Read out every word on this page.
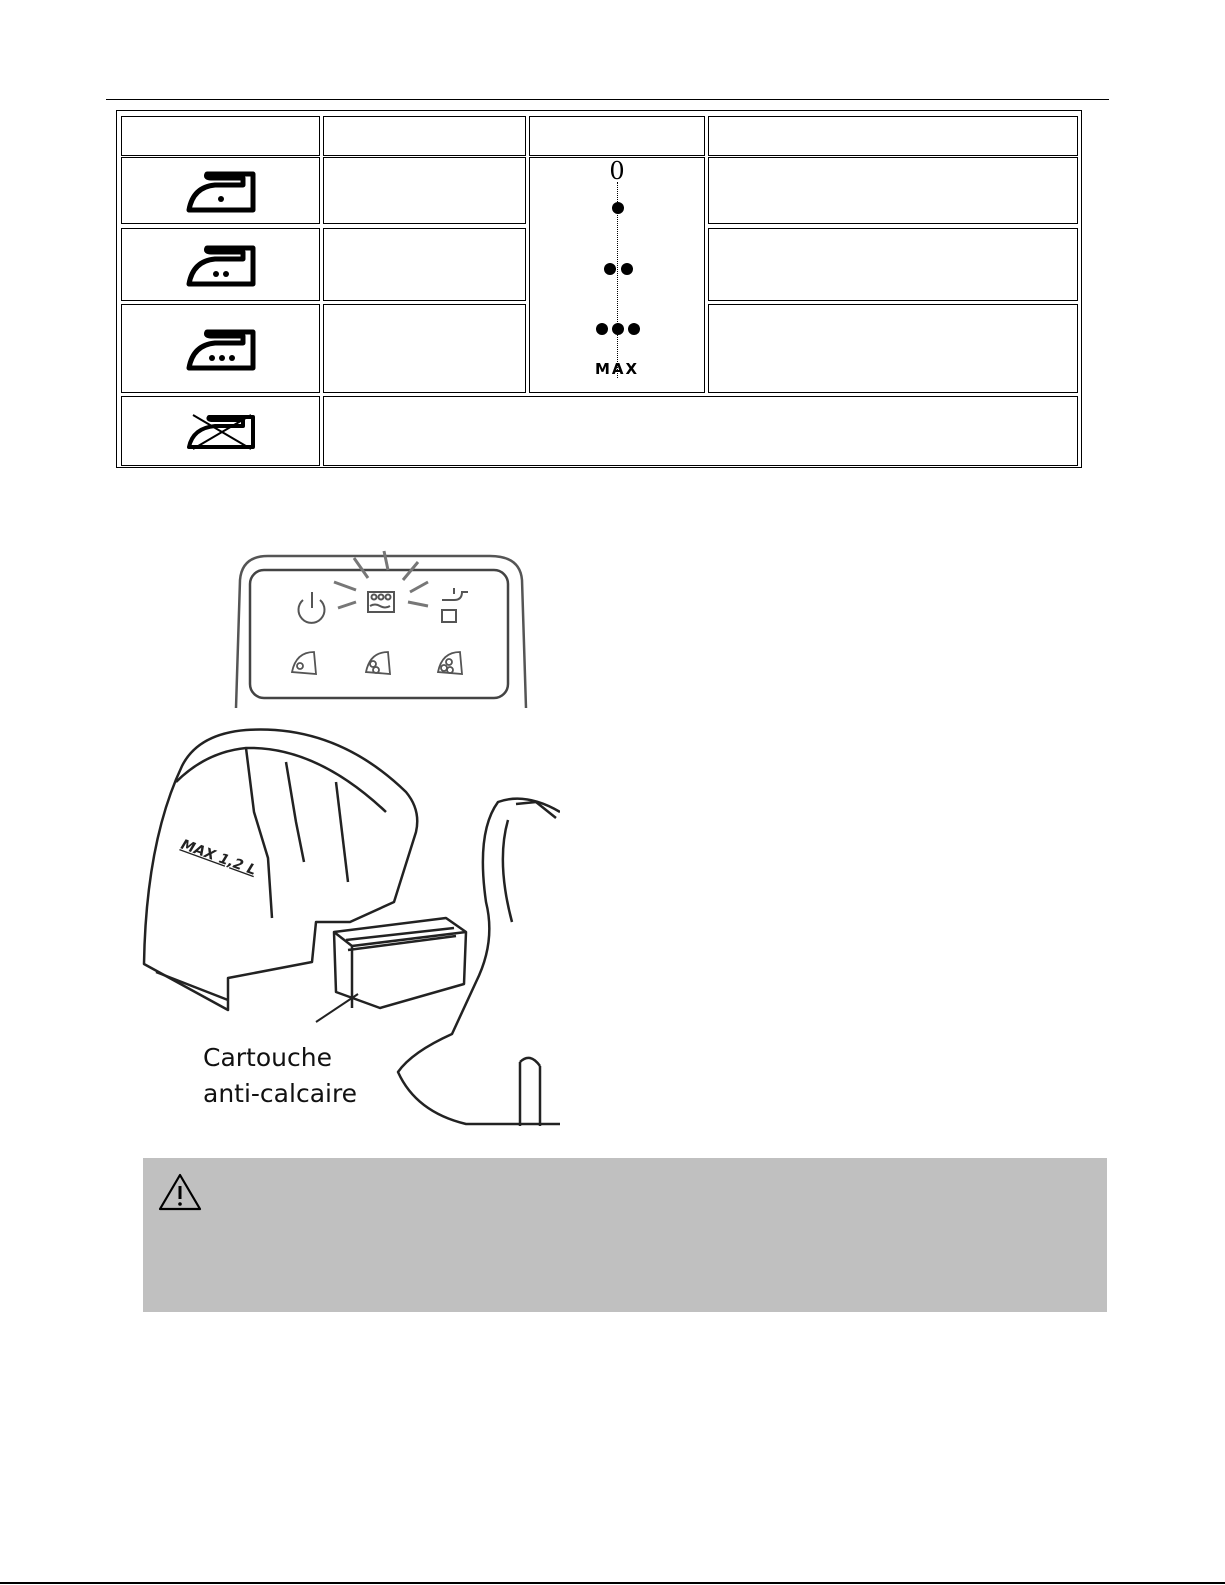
0
MAX
MAX 1,2 L
Cartouche
anti-calcaire
